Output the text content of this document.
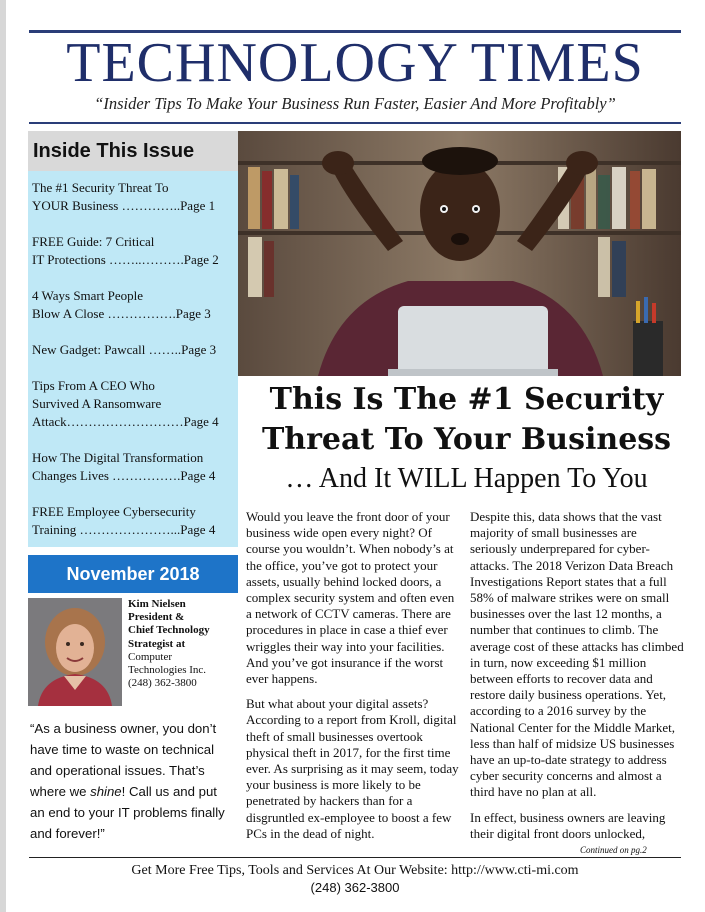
TECHNOLOGY TIMES
“Insider Tips To Make Your Business Run Faster, Easier And More Profitably”
Inside This Issue
The #1 Security Threat To
YOUR Business …………..Page 1
FREE Guide: 7 Critical
IT Protections ……..……….Page 2
4 Ways Smart People
Blow A Close …………….Page 3
New Gadget: Pawcall ……..Page 3
Tips From A CEO Who
Survived A Ransomware
Attack………………………Page 4
How The Digital Transformation
Changes Lives …………….Page 4
FREE Employee Cybersecurity
Training …………………...Page 4
November 2018
Kim Nielsen
President &
Chief Technology
Strategist at
Computer
Technologies Inc.
(248) 362-3800
“As a business owner, you don’t have time to waste on technical and operational issues. That’s where we shine! Call us and put an end to your IT problems finally and forever!”
This Is The #1 Security
Threat To Your Business
… And It WILL Happen To You

Would you leave the front door of your business wide open every night? Of course you wouldn’t. When nobody’s at the office, you’ve got to protect your assets, usually behind locked doors, a complex security system and often even a network of CCTV cameras. There are procedures in place in case a thief ever wriggles their way into your facilities. And you’ve got insurance if the worst ever happens.

But what about your digital assets? According to a report from Kroll, digital theft of small businesses overtook physical theft in 2017, for the first time ever. As surprising as it may seem, today your business is more likely to be penetrated by hackers than for a disgruntled ex-employee to boost a few PCs in the dead of night.

Despite this, data shows that the vast majority of small businesses are seriously underprepared for cyber-attacks. The 2018 Verizon Data Breach Investigations Report states that a full 58% of malware strikes were on small businesses over the last 12 months, a number that continues to climb. The average cost of these attacks has climbed in turn, now exceeding $1 million between efforts to recover data and restore daily business operations. Yet, according to a 2016 survey by the National Center for the Middle Market, less than half of midsize US businesses have an up-to-date strategy to address cyber security concerns and almost a third have no plan at all.

In effect, business owners are leaving their digital front doors unlocked,

Continued on pg.2
Get More Free Tips, Tools and Services At Our Website: http://www.cti-mi.com
(248) 362-3800
